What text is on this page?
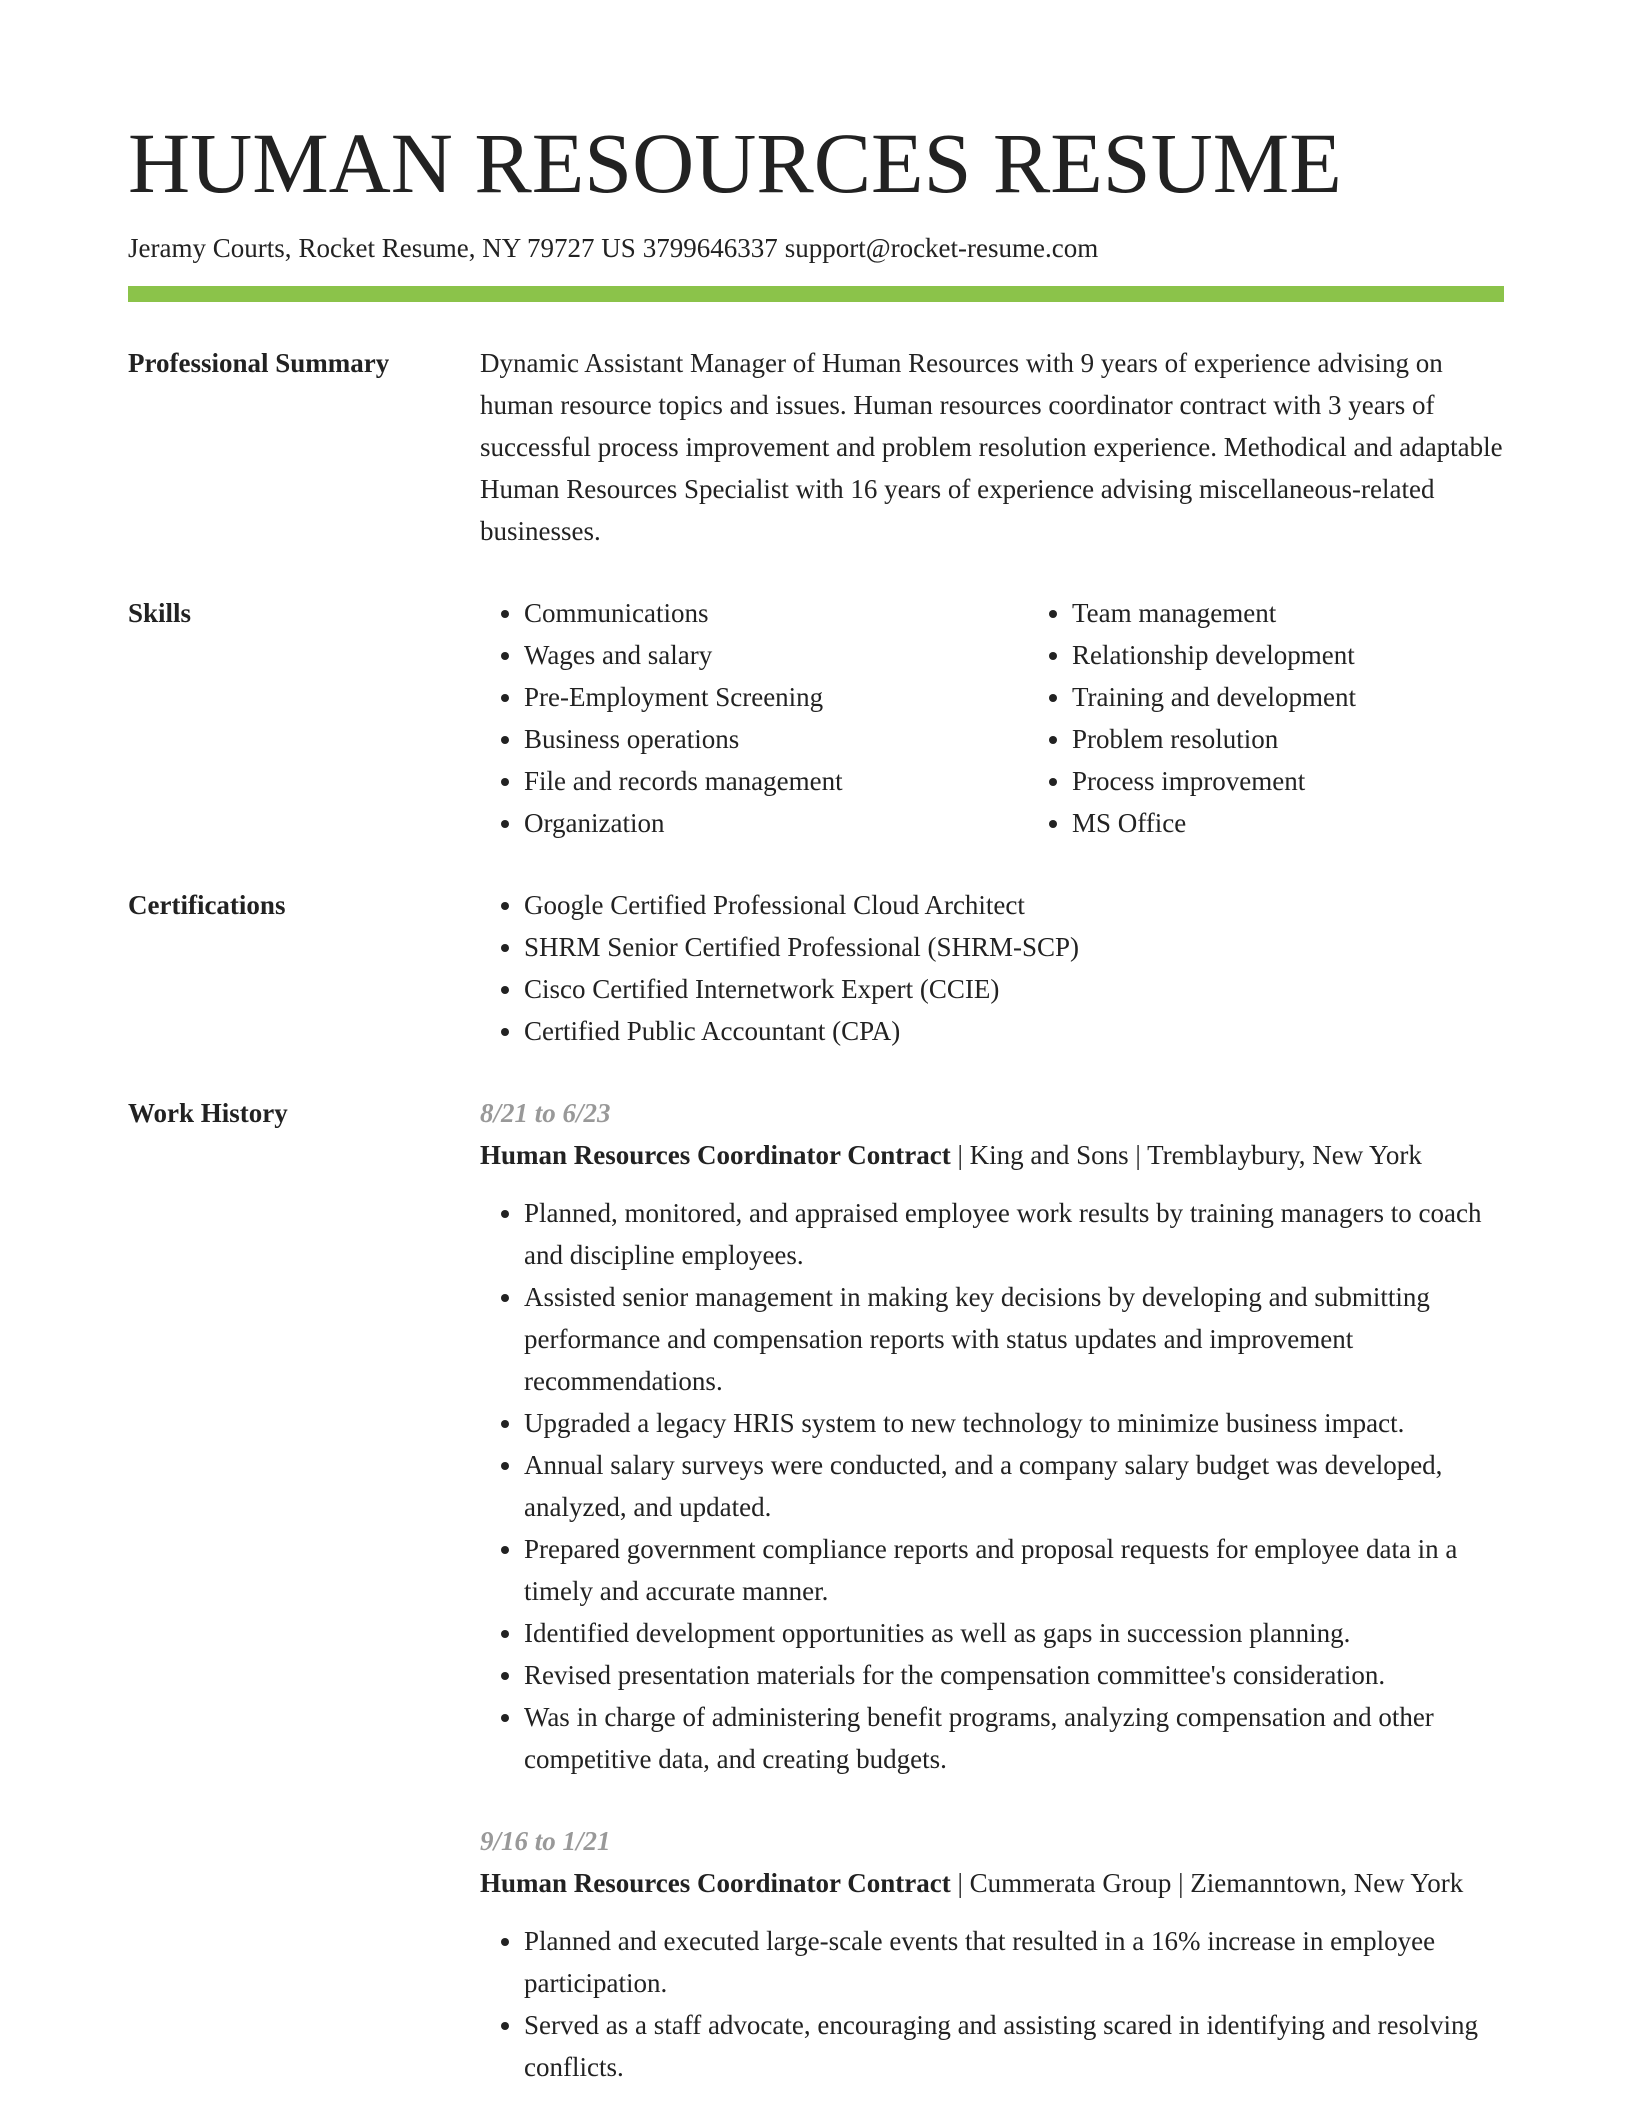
HUMAN RESOURCES RESUME
Jeramy Courts, Rocket Resume, NY 79727 US 3799646337 support@rocket-resume.com
Professional Summary	Dynamic Assistant Manager of Human Resources with 9 years of experience advising on human resource topics and issues. Human resources coordinator contract with 3 years of successful process improvement and problem resolution experience. Methodical and adaptable Human Resources Specialist with 16 years of experience advising miscellaneous-related businesses.
Skills	• Communications
• Wages and salary
• Pre-Employment Screening
• Business operations
• File and records management
• Organization
• Team management
• Relationship development
• Training and development
• Problem resolution
• Process improvement
• MS Office
Certifications	• Google Certified Professional Cloud Architect
• SHRM Senior Certified Professional (SHRM-SCP)
• Cisco Certified Internetwork Expert (CCIE)
• Certified Public Accountant (CPA)
Work History	8/21 to 6/23
Human Resources Coordinator Contract | King and Sons | Tremblaybury, New York
• Planned, monitored, and appraised employee work results by training managers to coach and discipline employees.
• Assisted senior management in making key decisions by developing and submitting performance and compensation reports with status updates and improvement recommendations.
• Upgraded a legacy HRIS system to new technology to minimize business impact.
• Annual salary surveys were conducted, and a company salary budget was developed, analyzed, and updated.
• Prepared government compliance reports and proposal requests for employee data in a timely and accurate manner.
• Identified development opportunities as well as gaps in succession planning.
• Revised presentation materials for the compensation committee's consideration.
• Was in charge of administering benefit programs, analyzing compensation and other competitive data, and creating budgets.
9/16 to 1/21
Human Resources Coordinator Contract | Cummerata Group | Ziemanntown, New York
• Planned and executed large-scale events that resulted in a 16% increase in employee participation.
• Served as a staff advocate, encouraging and assisting scared in identifying and resolving conflicts.
